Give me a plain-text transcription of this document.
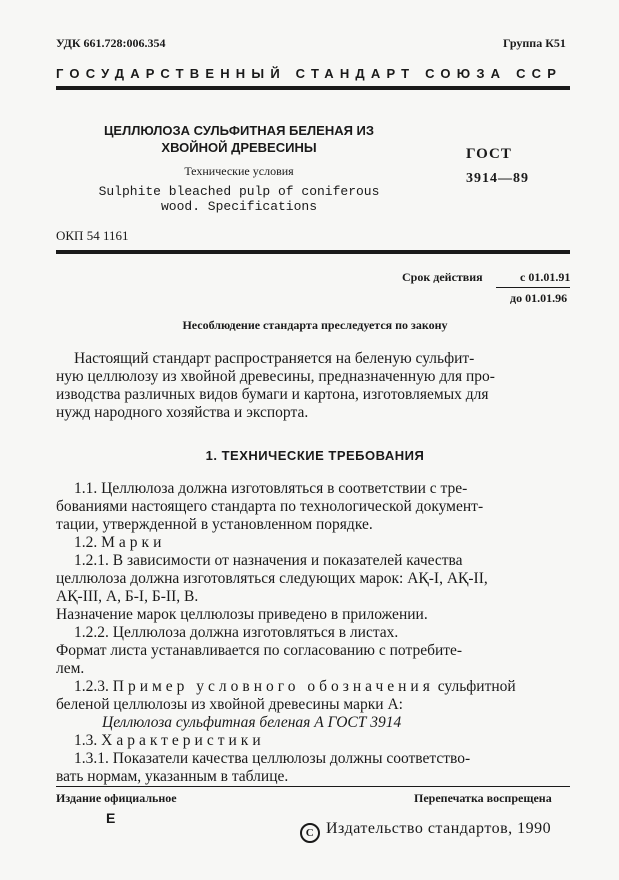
УДК 661.728:006.354	Группа К51
ГОСУДАРСТВЕННЫЙ СТАНДАРТ СОЮЗА ССР
ЦЕЛЛЮЛОЗА СУЛЬФИТНАЯ БЕЛЕНАЯ ИЗ
ХВОЙНОЙ ДРЕВЕСИНЫ
Технические условия
Sulphite bleached pulp of coniferous
wood. Specifications
ГОСТ
3914—89
ОКП 54 1161
Срок действия	с 01.01.91
до 01.01.96
Несоблюдение стандарта преследуется по закону
Настоящий стандарт распространяется на беленую сульфит-
ную целлюлозу из хвойной древесины, предназначенную для про-
изводства различных видов бумаги и картона, изготовляемых для
нужд народного хозяйства и экспорта.
1. ТЕХНИЧЕСКИЕ ТРЕБОВАНИЯ
1.1. Целлюлоза должна изготовляться в соответствии с тре-
бованиями настоящего стандарта по технологической документ-
тации, утвержденной в установленном порядке.
1.2. Марки
1.2.1. В зависимости от назначения и показателей качества
целлюлоза должна изготовляться следующих марок: АҚ-І, АҚ-ІІ,
АҚ-ІІІ, А, Б-І, Б-ІІ, В.
Назначение марок целлюлозы приведено в приложении.
1.2.2. Целлюлоза должна изготовляться в листах.
Формат листа устанавливается по согласованию с потребите-
лем.
1.2.3. Пример условного обозначения сульфитной
беленой целлюлозы из хвойной древесины марки А:
Целлюлоза сульфитная беленая А ГОСТ 3914
1.3. Характеристики
1.3.1. Показатели качества целлюлозы должны соответство-
вать нормам, указанным в таблице.
Издание официальное	Перепечатка воспрещена
E
C Издательство стандартов, 1990
